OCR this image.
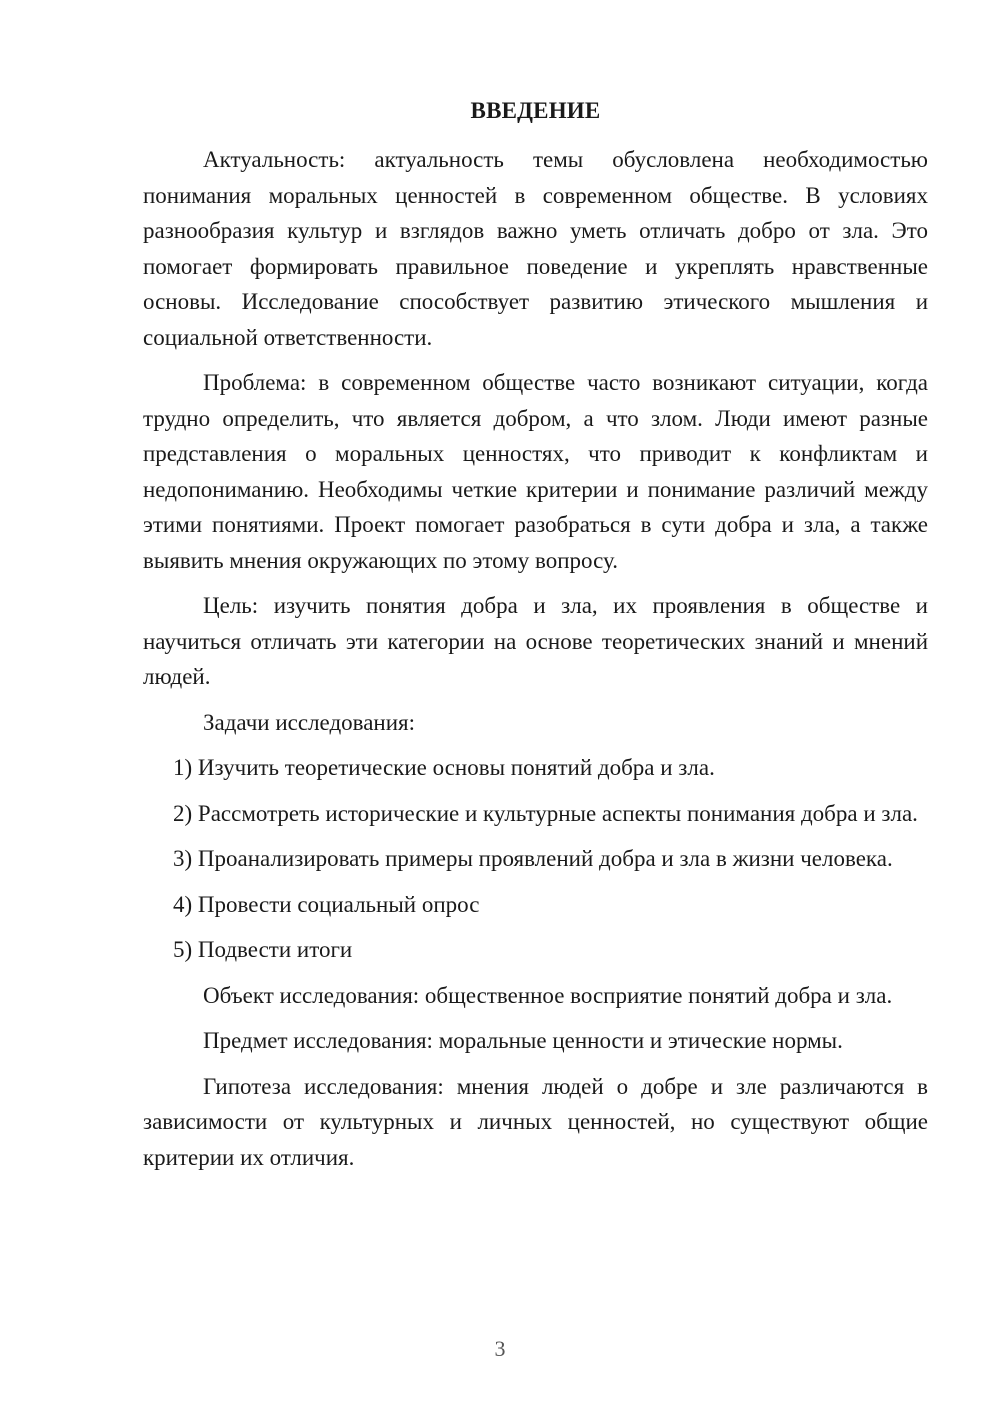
ВВЕДЕНИЕ

Актуальность: актуальность темы обусловлена необходимостью понимания моральных ценностей в современном обществе. В условиях разнообразия культур и взглядов важно уметь отличать добро от зла. Это помогает формировать правильное поведение и укреплять нравственные основы. Исследование способствует развитию этического мышления и социальной ответственности.

Проблема: в современном обществе часто возникают ситуации, когда трудно определить, что является добром, а что злом. Люди имеют разные представления о моральных ценностях, что приводит к конфликтам и недопониманию. Необходимы четкие критерии и понимание различий между этими понятиями. Проект помогает разобраться в сути добра и зла, а также выявить мнения окружающих по этому вопросу.

Цель: изучить понятия добра и зла, их проявления в обществе и научиться отличать эти категории на основе теоретических знаний и мнений людей.

Задачи исследования:

1) Изучить теоретические основы понятий добра и зла.

2) Рассмотреть исторические и культурные аспекты понимания добра и зла.

3) Проанализировать примеры проявлений добра и зла в жизни человека.

4) Провести социальный опрос

5) Подвести итоги

Объект исследования: общественное восприятие понятий добра и зла.

Предмет исследования: моральные ценности и этические нормы.

Гипотеза исследования: мнения людей о добре и зле различаются в зависимости от культурных и личных ценностей, но существуют общие критерии их отличия.

3
